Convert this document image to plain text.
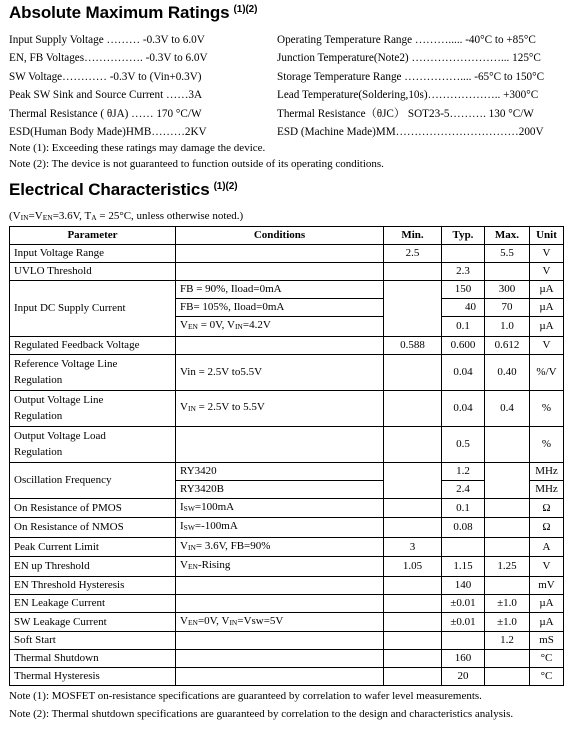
Absolute Maximum Ratings $^{(1)(2)}$
Input Supply Voltage ……… -0.3V to 6.0V	Operating Temperature Range ………..... -40°C to +85°C
EN, FB Voltages……………. -0.3V to 6.0V	Junction Temperature(Note2) ……………………... 125°C
SW Voltage………… -0.3V to (Vin+0.3V)	Storage Temperature Range …………….... -65°C to 150°C
Peak SW Sink and Source Current ……3A	Lead Temperature(Soldering,10s)……………….. +300°C
Thermal Resistance ( θJA) …… 170 °C/W	Thermal Resistance（θJC） SOT23-5………. 130 °C/W
ESD(Human Body Made)HMB………2KV	ESD (Machine Made)MM……………………………200V
Note (1): Exceeding these ratings may damage the device.
Note (2): The device is not guaranteed to function outside of its operating conditions.
Electrical Characteristics $^{(1)(2)}$
(VIN=VEN=3.6V, TA = 25°C, unless otherwise noted.)
Parameter	Conditions	Min.	Typ.	Max.	Unit
Input Voltage Range		2.5		5.5	V
UVLO Threshold			2.3		V
Input DC Supply Current	FB = 90%, Iload=0mA		150	300	µA
	FB= 105%, Iload=0mA		40	70	µA
	VEN = 0V, VIN=4.2V		0.1	1.0	µA
Regulated Feedback Voltage		0.588	0.600	0.612	V

Reference Voltage Line
Regulation	Vin = 2.5V to5.5V		0.04	0.40	%/V

Output Voltage Line
Regulation	VIN = 2.5V to 5.5V		0.04	0.4	%

Output Voltage Load
Regulation			0.5		%
Oscillation Frequency	RY3420		1.2		MHz
	RY3420B		2.4		MHz
On Resistance of PMOS	ISW=100mA		0.1		Ω
On Resistance of NMOS	ISW=-100mA		0.08		Ω
Peak Current Limit	VIN= 3.6V, FB=90%	3			A
EN up Threshold	VEN-Rising	1.05	1.15	1.25	V
EN Threshold Hysteresis			140		mV
EN Leakage Current			±0.01	±1.0	µA
SW Leakage Current	VEN=0V, VIN=Vsw=5V		±0.01	±1.0	µA
Soft Start				1.2	mS
Thermal Shutdown			160		°C
Thermal Hysteresis			20		°C
Note (1): MOSFET on-resistance specifications are guaranteed by correlation to wafer level measurements.
Note (2): Thermal shutdown specifications are guaranteed by correlation to the design and characteristics analysis.
